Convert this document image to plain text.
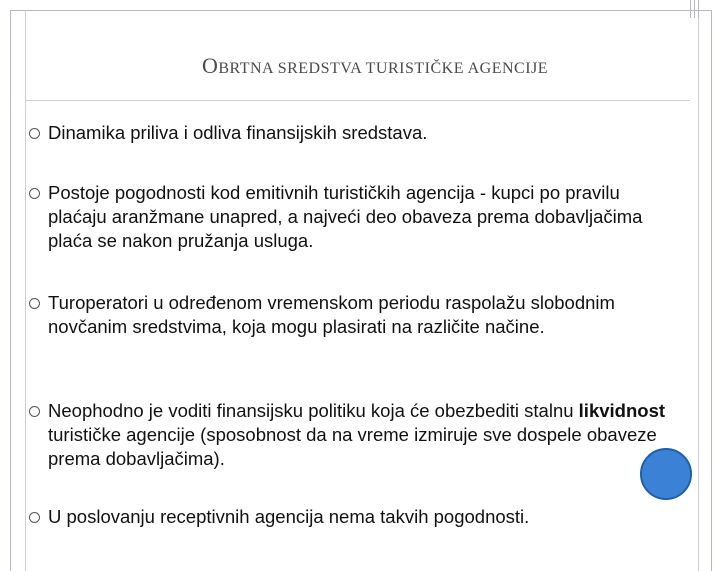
OBRTNA SREDSTVA TURISTIČKE AGENCIJE
Dinamika priliva i odliva finansijskih sredstava.
Postoje pogodnosti kod emitivnih turističkih agencija - kupci po pravilu plaćaju aranžmane unapred, a najveći deo obaveza prema dobavljačima plaća se nakon pružanja usluga.
Turoperatori u određenom vremenskom periodu raspolažu slobodnim novčanim sredstvima, koja mogu plasirati na različite načine.
Neophodno je voditi finansijsku politiku koja će obezbediti stalnu likvidnost turističke agencije (sposobnost da na vreme izmiruje sve dospele obaveze prema dobavljačima).
U poslovanju receptivnih agencija nema takvih pogodnosti.
